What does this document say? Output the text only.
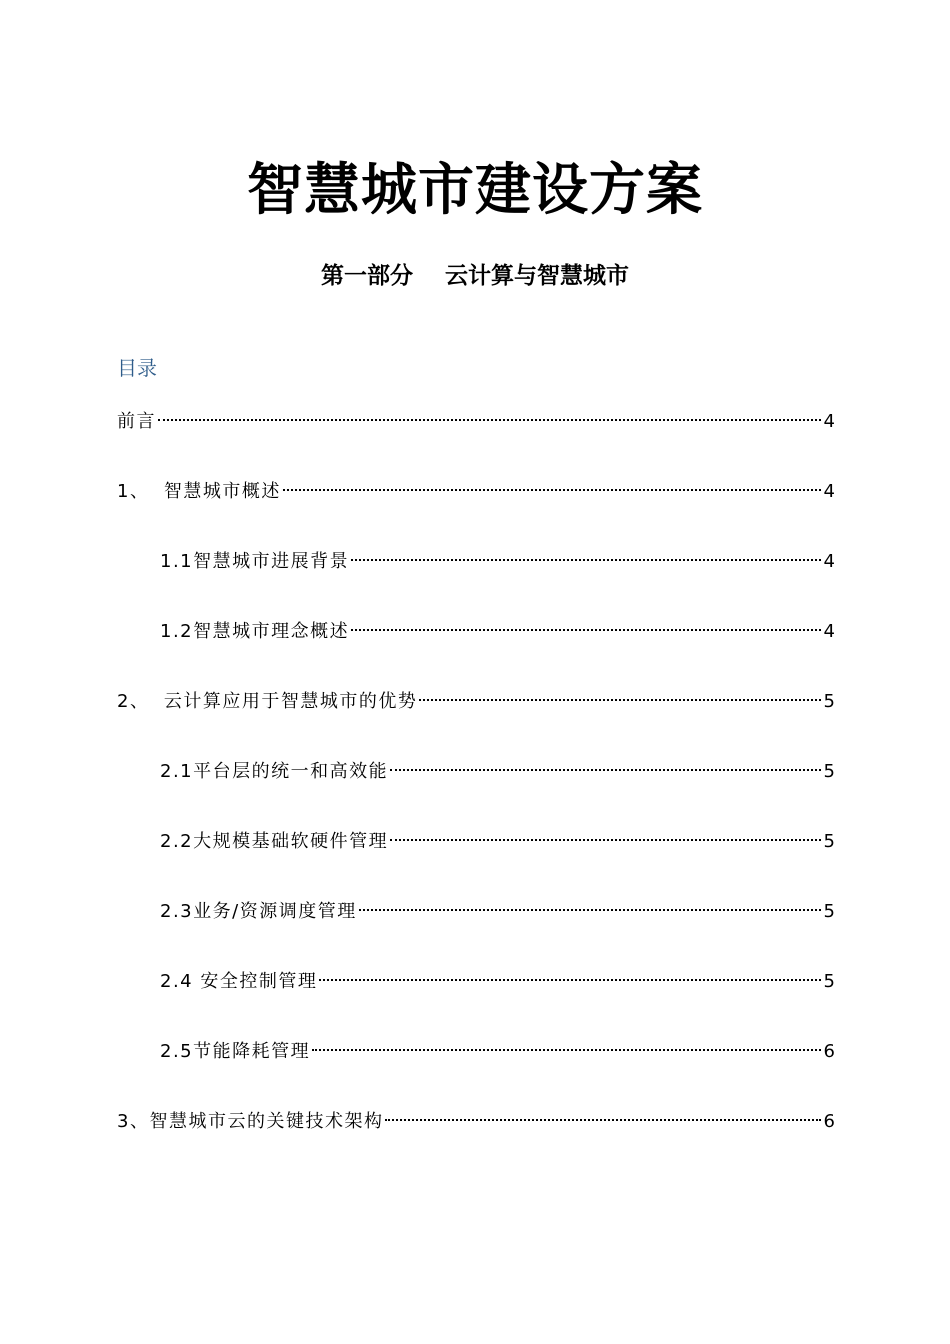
智慧城市建设方案
第一部分    云计算与智慧城市
目录
前言	4
1、  智慧城市概述	4
1.1智慧城市进展背景	4
1.2智慧城市理念概述	4
2、  云计算应用于智慧城市的优势	5
2.1平台层的统一和高效能	5
2.2大规模基础软硬件管理	5
2.3业务/资源调度管理	5
2.4 安全控制管理	5
2.5节能降耗管理	6
3、智慧城市云的关键技术架构	6
